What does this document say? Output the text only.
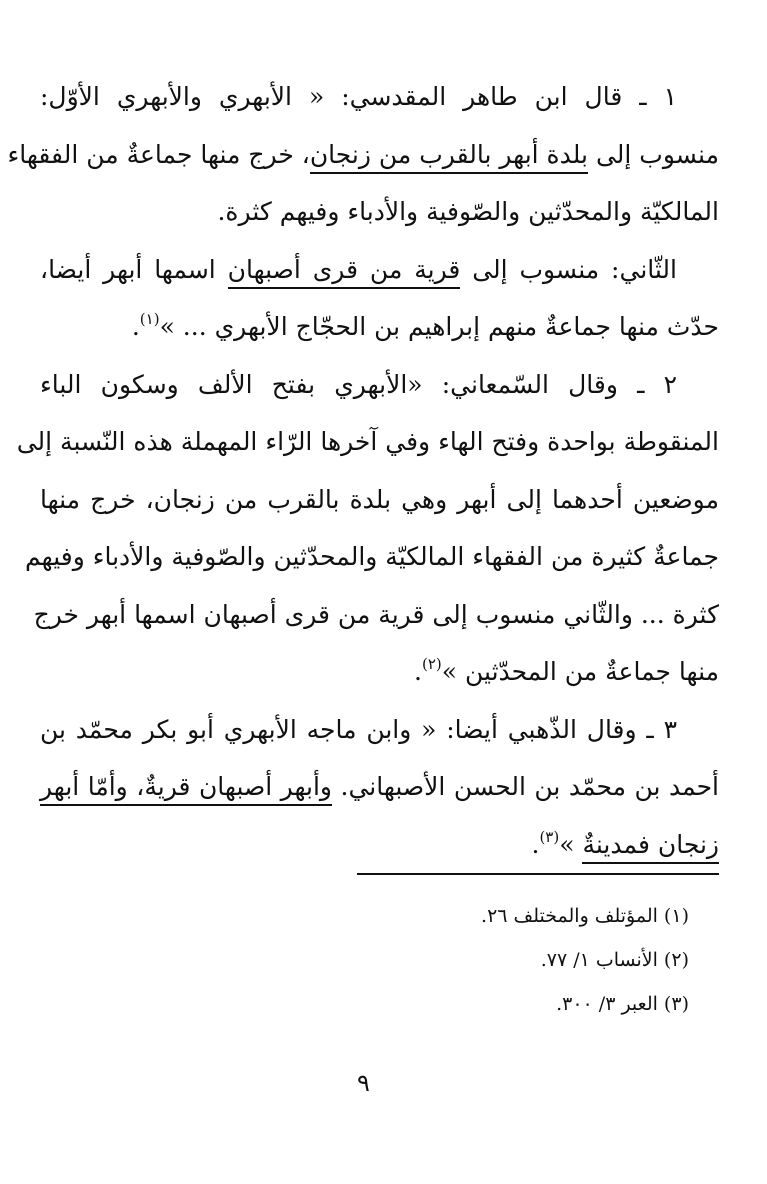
١ ـ قال ابن طاهر المقدسي: « الأبهري والأبهري الأوّل:
منسوب إلى بلدة أبهر بالقرب من زنجان، خرج منها جماعةٌ من الفقهاء
المالكيّة والمحدّثين والصّوفية والأدباء وفيهم كثرة.
الثّاني: منسوب إلى قرية من قرى أصبهان اسمها أبهر أيضا،
حدّث منها جماعةٌ منهم إبراهيم بن الحجّاج الأبهري ... »$^{(١)}$.
٢ ـ وقال السّمعاني: «الأبهري بفتح الألف وسكون الباء
المنقوطة بواحدة وفتح الهاء وفي آخرها الرّاء المهملة هذه النّسبة إلى
موضعين أحدهما إلى أبهر وهي بلدة بالقرب من زنجان، خرج منها
جماعةٌ كثيرة من الفقهاء المالكيّة والمحدّثين والصّوفية والأدباء وفيهم
كثرة ... والثّاني منسوب إلى قرية من قرى أصبهان اسمها أبهر خرج
منها جماعةٌ من المحدّثين »$^{(٢)}$.
٣ ـ وقال الذّهبي أيضا: « وابن ماجه الأبهري أبو بكر محمّد بن
أحمد بن محمّد بن الحسن الأصبهاني. وأبهر أصبهان قريةٌ، وأمّا أبهر
زنجان فمدينةٌ »$^{(٣)}$.
(١) المؤتلف والمختلف ٢٦.
(٢) الأنساب ١/ ٧٧.
(٣) العبر ٣/ ٣٠٠.
٩
